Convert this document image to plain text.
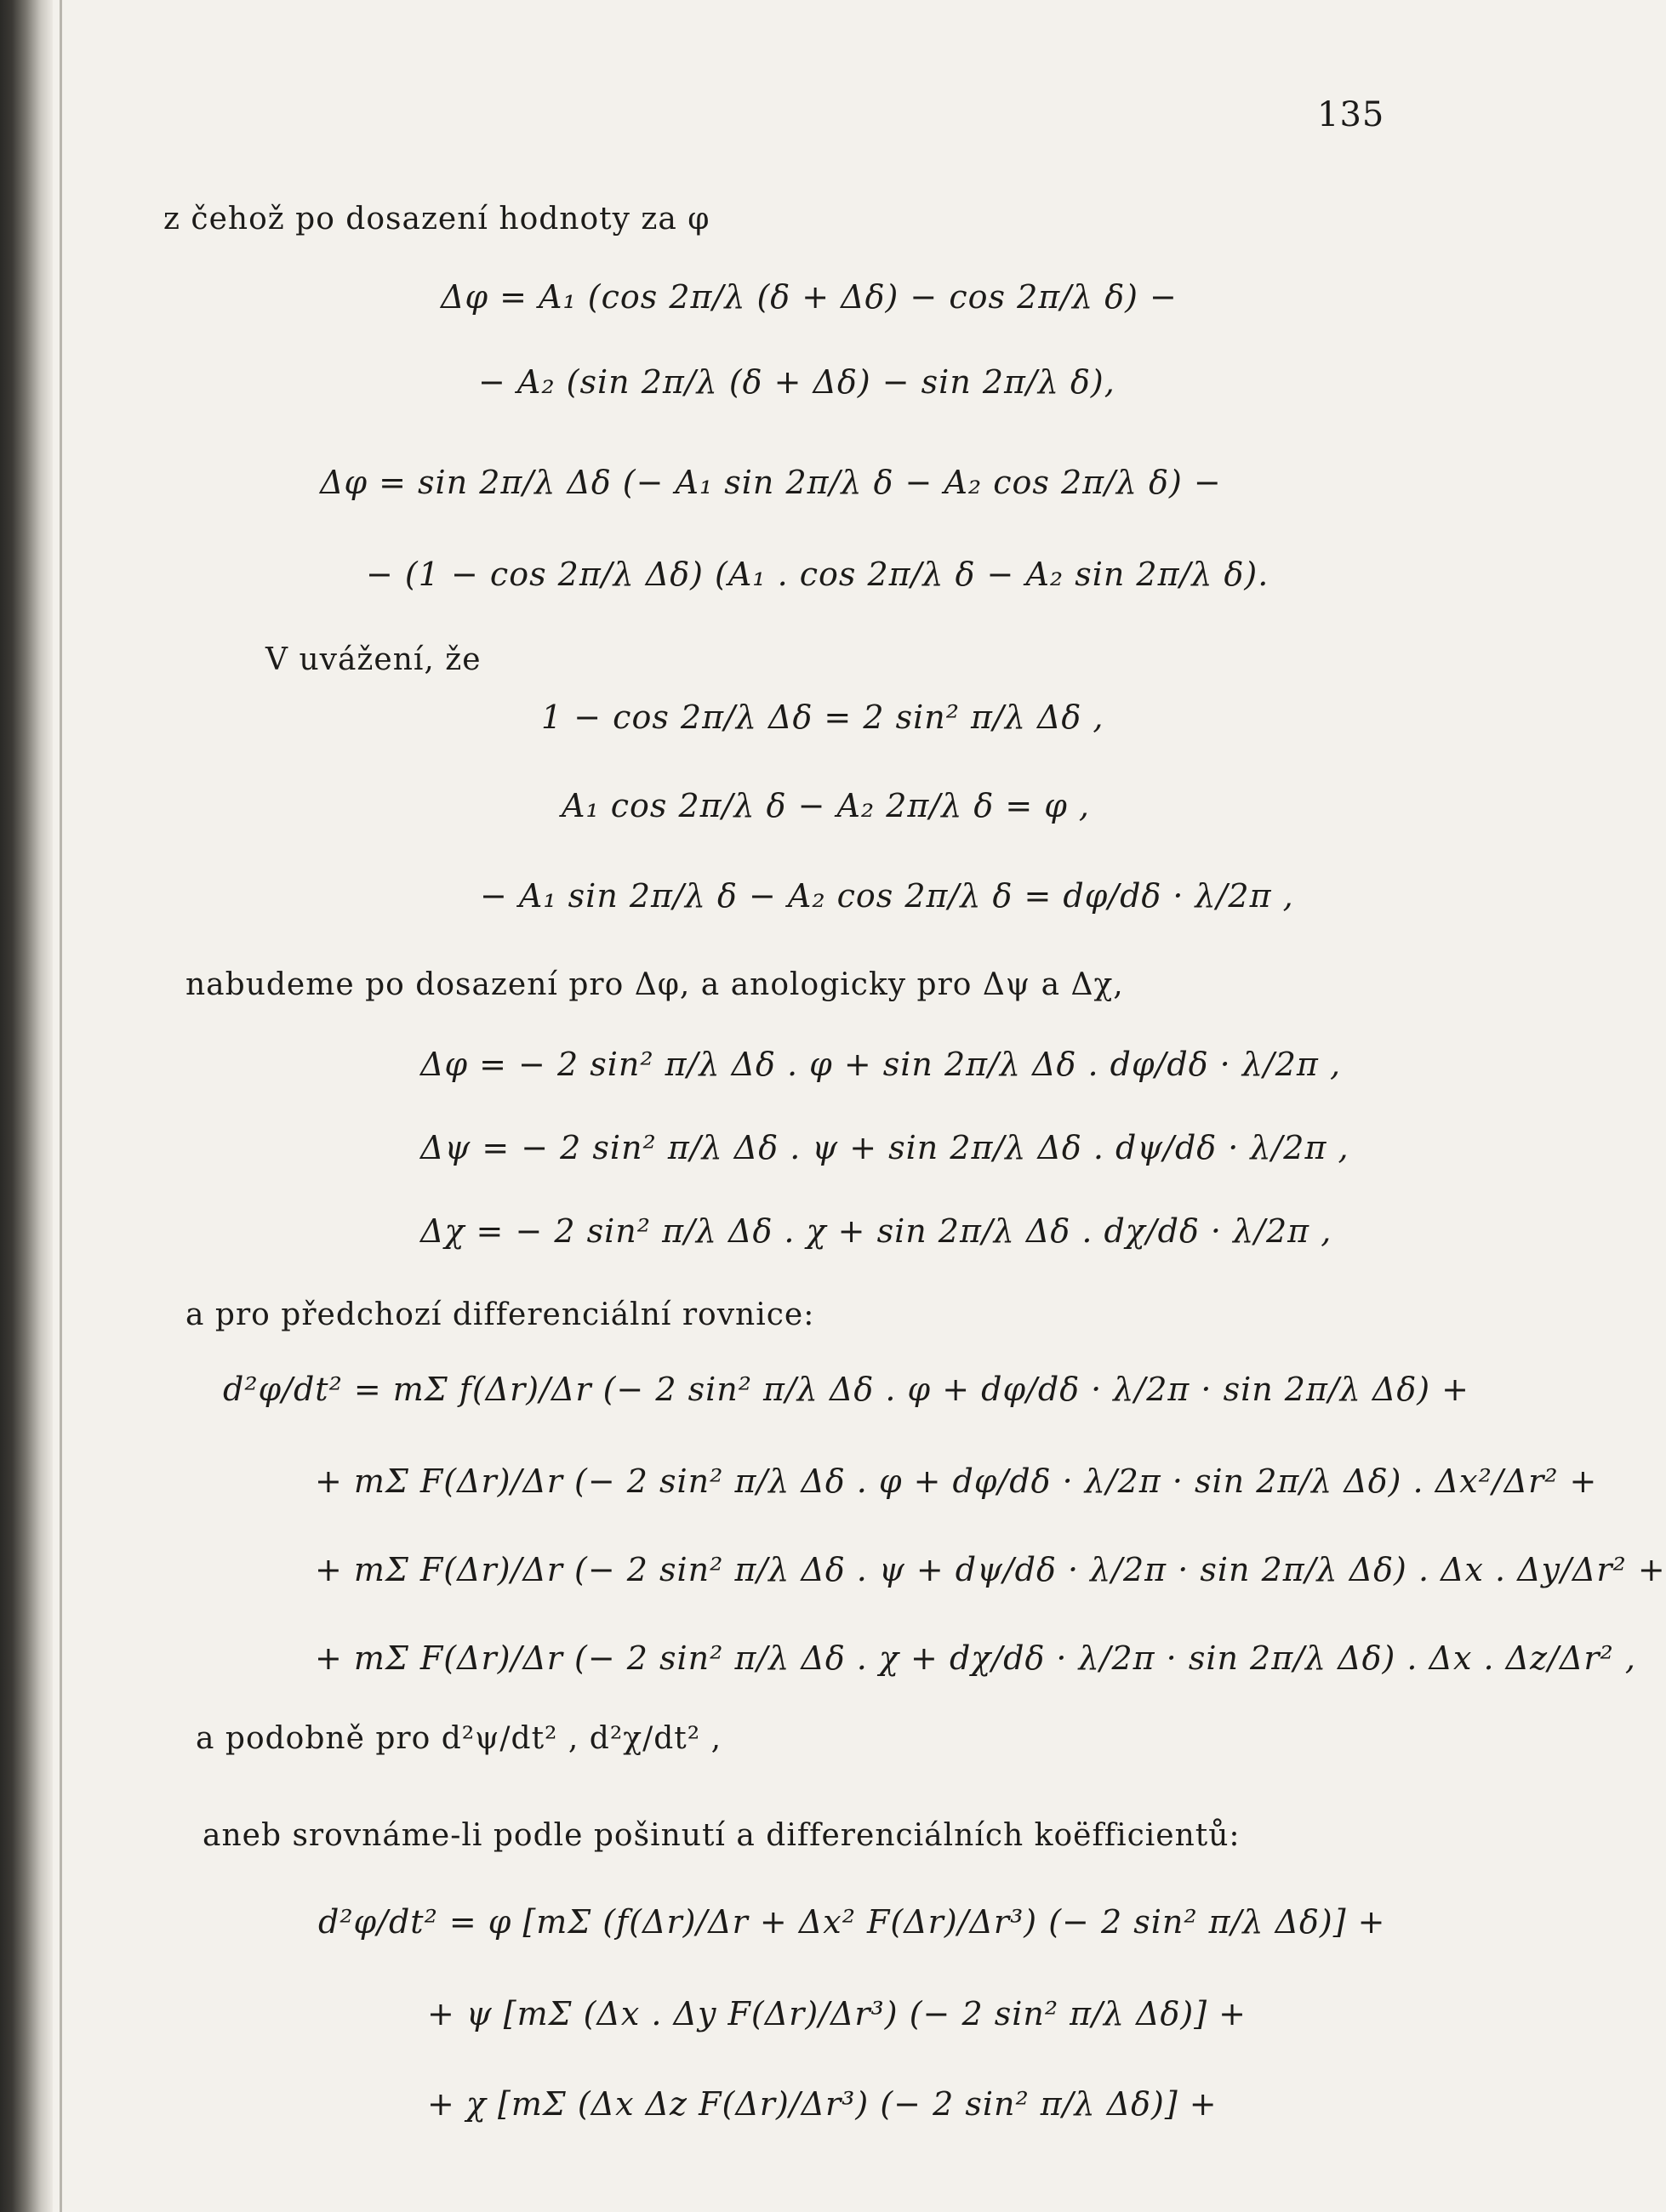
135
z čehož po dosazení hodnoty za φ
Δφ = A₁ (cos 2π/λ (δ + Δδ) − cos 2π/λ δ) −
− A₂ (sin 2π/λ (δ + Δδ) − sin 2π/λ δ),
Δφ = sin 2π/λ Δδ (− A₁ sin 2π/λ δ − A₂ cos 2π/λ δ) −
− (1 − cos 2π/λ Δδ) (A₁ . cos 2π/λ δ − A₂ sin 2π/λ δ).
V uvážení, že
1 − cos 2π/λ Δδ = 2 sin² π/λ Δδ ,
A₁ cos 2π/λ δ − A₂ 2π/λ δ = φ ,
− A₁ sin 2π/λ δ − A₂ cos 2π/λ δ = dφ/dδ · λ/2π ,
nabudeme po dosazení pro Δφ, a anologicky pro Δψ a Δχ,
Δφ = − 2 sin² π/λ Δδ . φ + sin 2π/λ Δδ . dφ/dδ · λ/2π ,
Δψ = − 2 sin² π/λ Δδ . ψ + sin 2π/λ Δδ . dψ/dδ · λ/2π ,
Δχ = − 2 sin² π/λ Δδ . χ + sin 2π/λ Δδ . dχ/dδ · λ/2π ,
a pro předchozí differenciální rovnice:
d²φ/dt² = mΣ f(Δr)/Δr (− 2 sin² π/λ Δδ . φ + dφ/dδ · λ/2π · sin 2π/λ Δδ) +
+ mΣ F(Δr)/Δr (− 2 sin² π/λ Δδ . φ + dφ/dδ · λ/2π · sin 2π/λ Δδ) . Δx²/Δr² +
+ mΣ F(Δr)/Δr (− 2 sin² π/λ Δδ . ψ + dψ/dδ · λ/2π · sin 2π/λ Δδ) . Δx . Δy/Δr² +
+ mΣ F(Δr)/Δr (− 2 sin² π/λ Δδ . χ + dχ/dδ · λ/2π · sin 2π/λ Δδ) . Δx . Δz/Δr² ,
a podobně pro d²ψ/dt² , d²χ/dt² ,
aneb srovnáme-li podle pošinutí a differenciálních koëfficientů:
d²φ/dt² = φ [mΣ (f(Δr)/Δr + Δx² F(Δr)/Δr³) (− 2 sin² π/λ Δδ)] +
+ ψ [mΣ (Δx . Δy F(Δr)/Δr³) (− 2 sin² π/λ Δδ)] +
+ χ [mΣ (Δx Δz F(Δr)/Δr³) (− 2 sin² π/λ Δδ)] +
